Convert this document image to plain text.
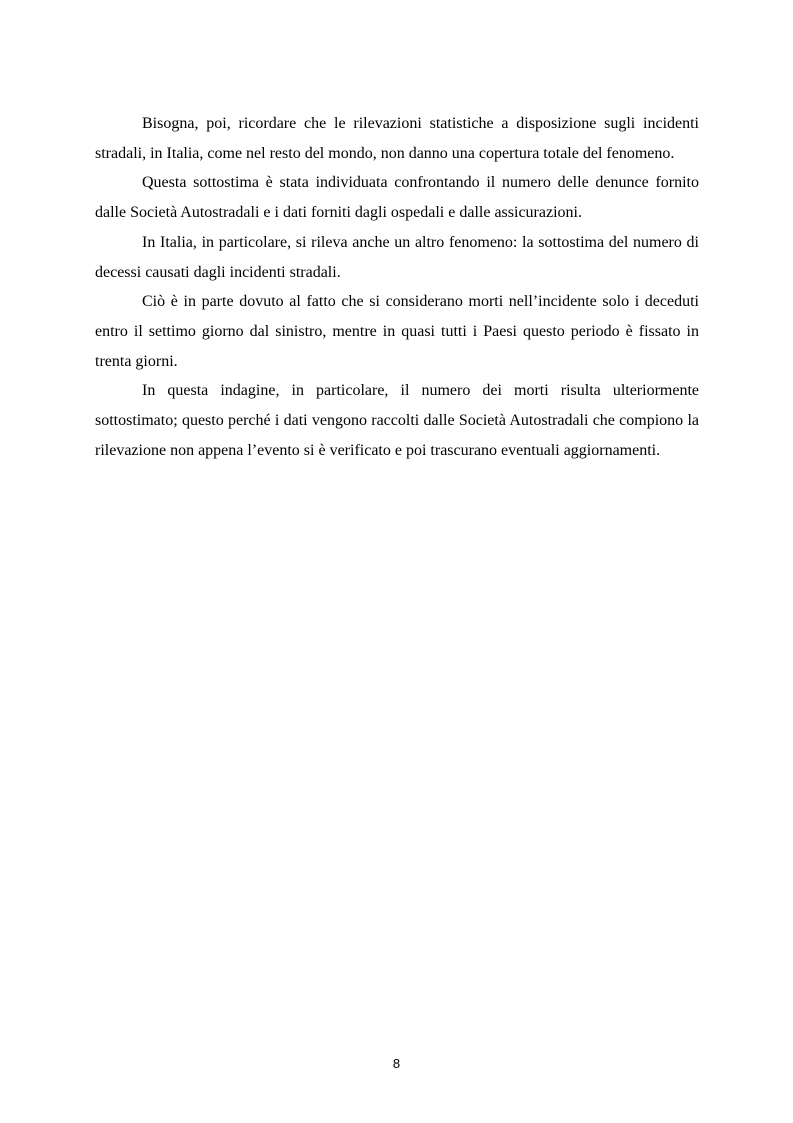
Bisogna, poi, ricordare che le rilevazioni statistiche a disposizione sugli incidenti stradali, in Italia, come nel resto del mondo, non danno una copertura totale del fenomeno.

Questa sottostima è stata individuata confrontando il numero delle denunce fornito dalle Società Autostradali e i dati forniti dagli ospedali e dalle assicurazioni.

In Italia, in particolare, si rileva anche un altro fenomeno: la sottostima del numero di decessi causati dagli incidenti stradali.

Ciò è in parte dovuto al fatto che si considerano morti nell’incidente solo i deceduti entro il settimo giorno dal sinistro, mentre in quasi tutti i Paesi questo periodo è fissato in trenta giorni.

In questa indagine, in particolare, il numero dei morti risulta ulteriormente sottostimato; questo perché i dati vengono raccolti dalle Società Autostradali che compiono la rilevazione non appena l’evento si è verificato e poi trascurano eventuali aggiornamenti.

8
